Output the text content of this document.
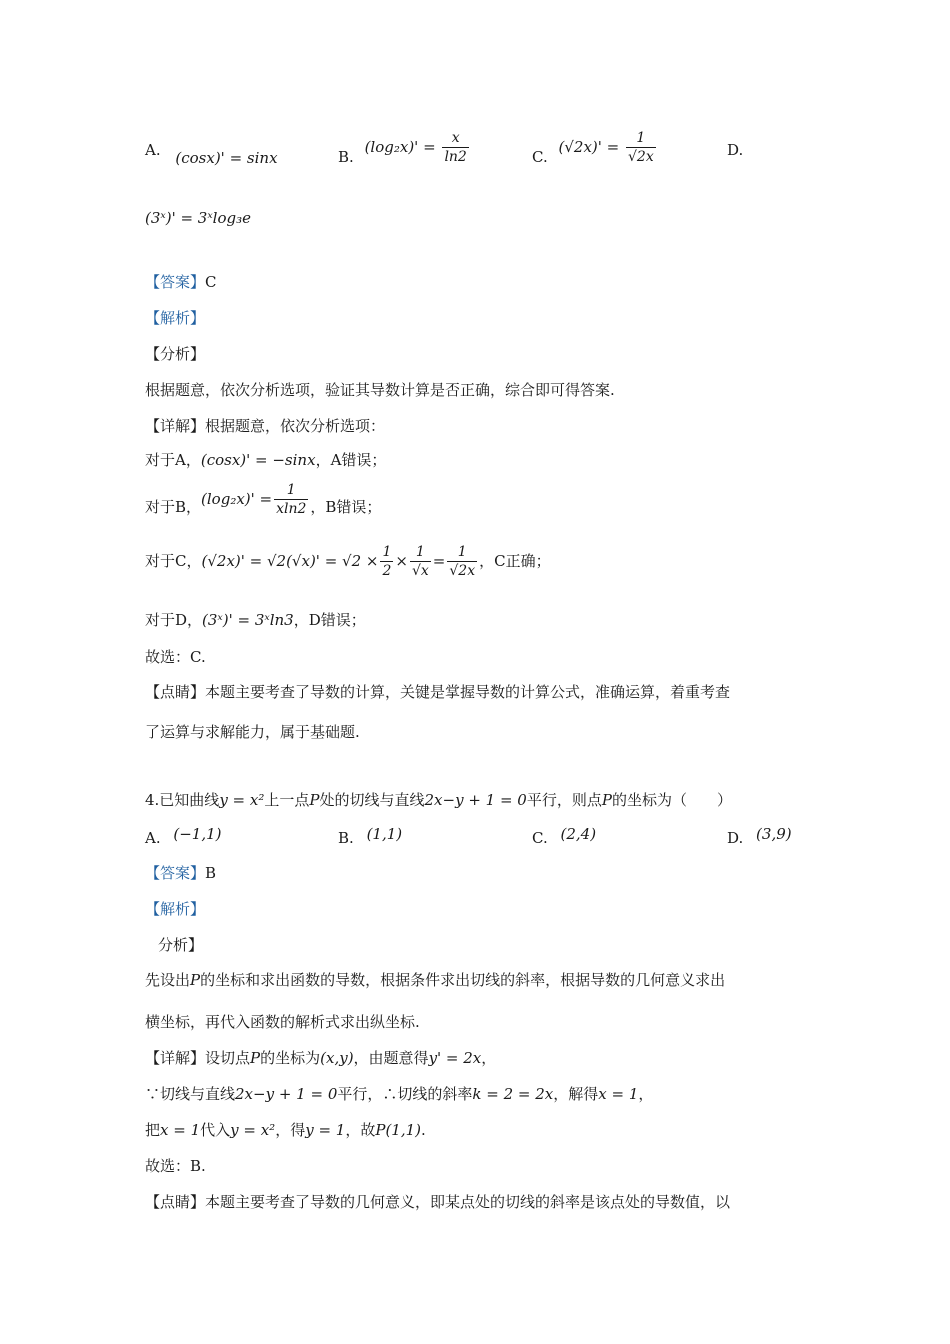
A. (cosx)' = sinx	B. $(\log_2x)' = \frac{x}{\ln 2}$	C. $(√2x)' = \frac{1}{√2x}$	D.
(3ˣ)' = 3ˣlog₃e
【答案】C
【解析】
【分析】
根据题意，依次分析选项，验证其导数计算是否正确，综合即可得答案.
【详解】根据题意，依次分析选项：
对于A，(cosx)' = −sinx，A错误；
对于B，$(\log_2x)' = \frac{1}{xln2}$ ，B错误；
对于C，$(√2x)' = √2(√x)' = √2 \times \frac{1}{2} \times \frac{1}{√x} = \frac{1}{√2x}$ ，C正确；
对于D，(3ˣ)' = 3ˣln3，D错误；
故选：C.
【点睛】本题主要考查了导数的计算，关键是掌握导数的计算公式，准确运算，着重考查
了运算与求解能力，属于基础题.
4.已知曲线y = x²上一点P处的切线与直线2x−y + 1 = 0平行，则点P的坐标为（　　）
A. (−1,1)	B. (1,1)	C. (2,4)	D. (3,9)
【答案】B
【解析】
分析】
先设出P的坐标和求出函数的导数，根据条件求出切线的斜率，根据导数的几何意义求出
横坐标，再代入函数的解析式求出纵坐标.
【详解】设切点P的坐标为(x,y)，由题意得y' = 2x，
∵切线与直线2x−y + 1 = 0平行，∴切线的斜率k = 2 = 2x，解得x = 1，
把x = 1代入y = x²，得y = 1，故P(1,1).
故选：B.
【点睛】本题主要考查了导数的几何意义，即某点处的切线的斜率是该点处的导数值，以
